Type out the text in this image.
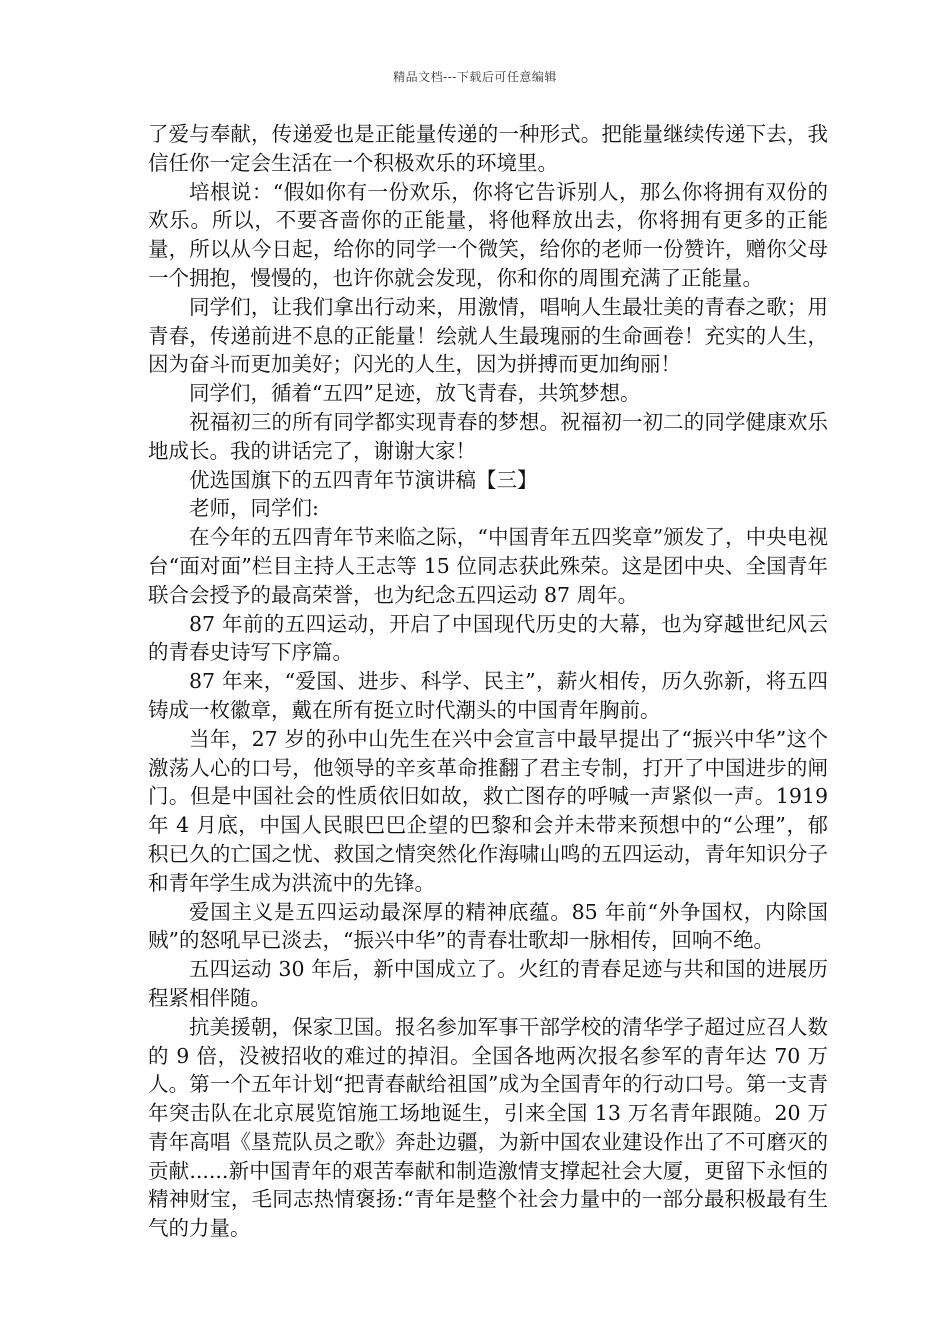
精品文档---下载后可任意编辑

了爱与奉献，传递爱也是正能量传递的一种形式。把能量继续传递下去，我信任你一定会生活在一个积极欢乐的环境里。

培根说：“假如你有一份欢乐，你将它告诉别人，那么你将拥有双份的欢乐。所以，不要吝啬你的正能量，将他释放出去，你将拥有更多的正能量，所以从今日起，给你的同学一个微笑，给你的老师一份赞许，赠你父母一个拥抱，慢慢的，也许你就会发现，你和你的周围充满了正能量。

同学们，让我们拿出行动来，用激情，唱响人生最壮美的青春之歌；用青春，传递前进不息的正能量！绘就人生最瑰丽的生命画卷！充实的人生，因为奋斗而更加美好；闪光的人生，因为拼搏而更加绚丽！

同学们，循着“五四”足迹，放飞青春，共筑梦想。

祝福初三的所有同学都实现青春的梦想。祝福初一初二的同学健康欢乐地成长。我的讲话完了，谢谢大家！

优选国旗下的五四青年节演讲稿【三】

老师，同学们:

在今年的五四青年节来临之际，“中国青年五四奖章”颁发了，中央电视台“面对面”栏目主持人王志等 15 位同志获此殊荣。这是团中央、全国青年联合会授予的最高荣誉，也为纪念五四运动 87 周年。

87 年前的五四运动，开启了中国现代历史的大幕，也为穿越世纪风云的青春史诗写下序篇。

87 年来，“爱国、进步、科学、民主”，薪火相传，历久弥新，将五四铸成一枚徽章，戴在所有挺立时代潮头的中国青年胸前。

当年，27 岁的孙中山先生在兴中会宣言中最早提出了“振兴中华”这个激荡人心的口号，他领导的辛亥革命推翻了君主专制，打开了中国进步的闸门。但是中国社会的性质依旧如故，救亡图存的呼喊一声紧似一声。1919 年 4 月底，中国人民眼巴巴企望的巴黎和会并未带来预想中的“公理”，郁积已久的亡国之忧、救国之情突然化作海啸山鸣的五四运动，青年知识分子和青年学生成为洪流中的先锋。

爱国主义是五四运动最深厚的精神底蕴。85 年前“外争国权，内除国贼”的怒吼早已淡去，“振兴中华”的青春壮歌却一脉相传，回响不绝。

五四运动 30 年后，新中国成立了。火红的青春足迹与共和国的进展历程紧相伴随。

抗美援朝，保家卫国。报名参加军事干部学校的清华学子超过应召人数的 9 倍，没被招收的难过的掉泪。全国各地两次报名参军的青年达 70 万人。第一个五年计划“把青春献给祖国”成为全国青年的行动口号。第一支青年突击队在北京展览馆施工场地诞生，引来全国 13 万名青年跟随。20 万青年高唱《垦荒队员之歌》奔赴边疆，为新中国农业建设作出了不可磨灭的贡献......新中国青年的艰苦奉献和制造激情支撑起社会大厦，更留下永恒的精神财宝，毛同志热情褒扬:“青年是整个社会力量中的一部分最积极最有生气的力量。
